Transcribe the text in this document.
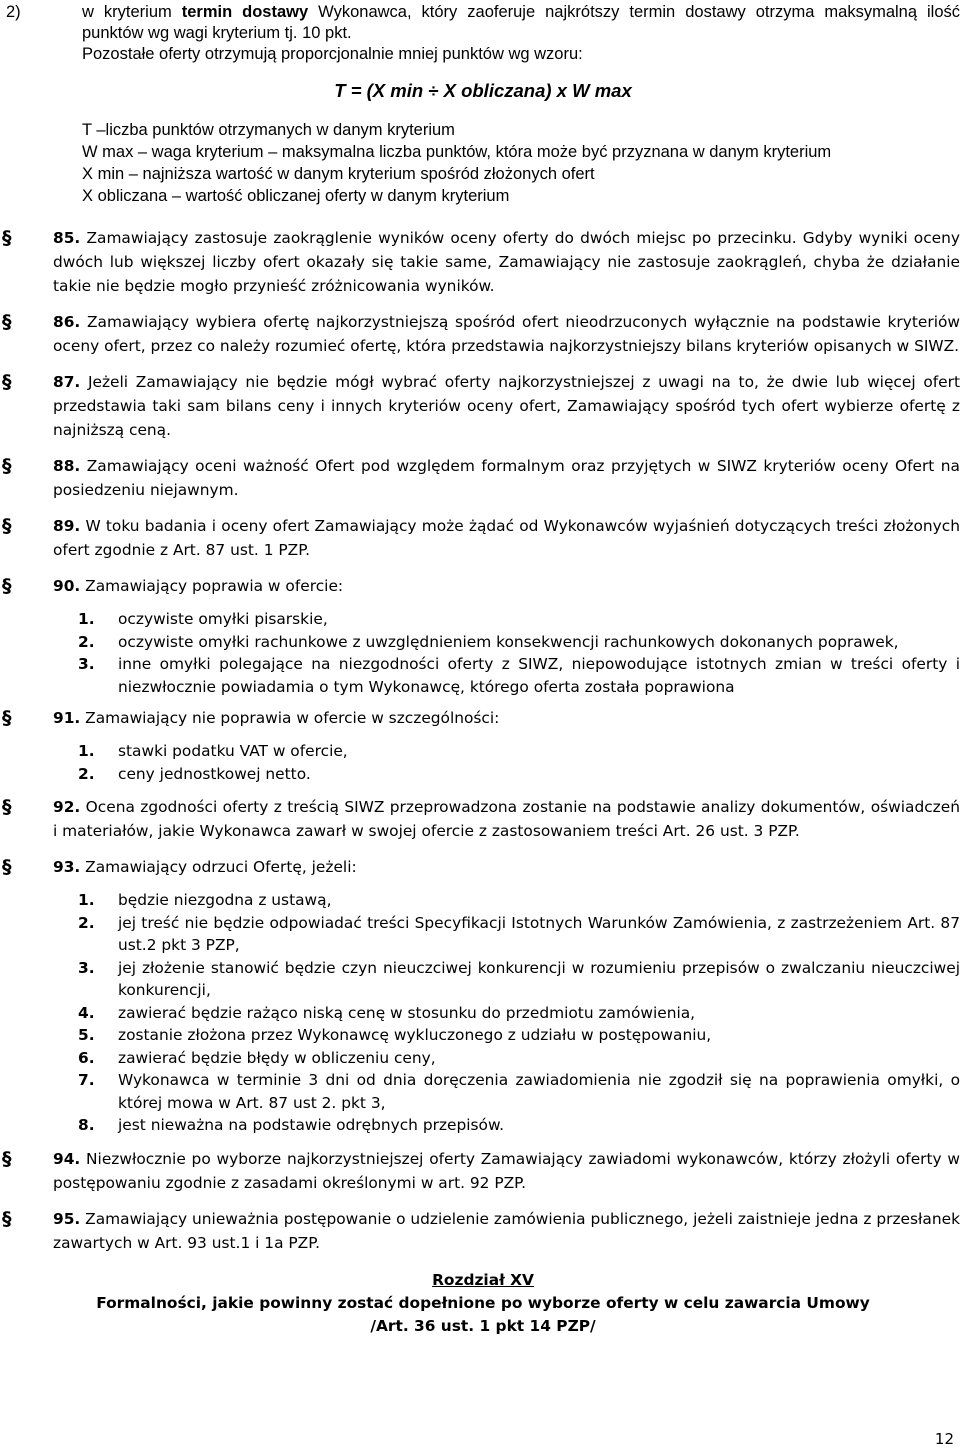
2)	w kryterium termin dostawy Wykonawca, który zaoferuje najkrótszy termin dostawy otrzyma maksymalną ilość punktów wg wagi kryterium tj. 10 pkt.

Pozostałe oferty otrzymują proporcjonalnie mniej punktów wg wzoru:

T = (X min ÷ X obliczana) x W max
T –liczba punktów otrzymanych w danym kryterium
W max – waga kryterium – maksymalna liczba punktów, która może być przyznana w danym kryterium
X min – najniższa wartość w danym kryterium spośród złożonych ofert
X obliczana – wartość obliczanej oferty w danym kryterium
§	85. Zamawiający zastosuje zaokrąglenie wyników oceny oferty do dwóch miejsc po przecinku. Gdyby wyniki oceny dwóch lub większej liczby ofert okazały się takie same, Zamawiający nie zastosuje zaokrągleń, chyba że działanie takie nie będzie mogło przynieść zróżnicowania wyników.

§	86. Zamawiający wybiera ofertę najkorzystniejszą spośród ofert nieodrzuconych wyłącznie na podstawie kryteriów oceny ofert, przez co należy rozumieć ofertę, która przedstawia najkorzystniejszy bilans kryteriów opisanych w SIWZ.

§	87. Jeżeli Zamawiający nie będzie mógł wybrać oferty najkorzystniejszej z uwagi na to, że dwie lub więcej ofert przedstawia taki sam bilans ceny i innych kryteriów oceny ofert, Zamawiający spośród tych ofert wybierze ofertę z najniższą ceną.

§	88. Zamawiający oceni ważność Ofert pod względem formalnym oraz przyjętych w SIWZ kryteriów oceny Ofert na posiedzeniu niejawnym.

§	89. W toku badania i oceny ofert Zamawiający może żądać od Wykonawców wyjaśnień dotyczących treści złożonych ofert zgodnie z Art. 87 ust. 1 PZP.

§	90. Zamawiający poprawia w ofercie:

1. oczywiste omyłki pisarskie,
2. oczywiste omyłki rachunkowe z uwzględnieniem konsekwencji rachunkowych dokonanych poprawek,
3. inne omyłki polegające na niezgodności oferty z SIWZ, niepowodujące istotnych zmian w treści oferty i niezwłocznie powiadamia o tym Wykonawcę, którego oferta została poprawiona
§	91. Zamawiający nie poprawia w ofercie w szczególności:

1. stawki podatku VAT w ofercie,
2. ceny jednostkowej netto.
§	92. Ocena zgodności oferty z treścią SIWZ przeprowadzona zostanie na podstawie analizy dokumentów, oświadczeń i materiałów, jakie Wykonawca zawarł w swojej ofercie z zastosowaniem treści Art. 26 ust. 3 PZP.

§	93. Zamawiający odrzuci Ofertę, jeżeli:

1. będzie niezgodna z ustawą,
2. jej treść nie będzie odpowiadać treści Specyfikacji Istotnych Warunków Zamówienia, z zastrzeżeniem Art. 87 ust.2 pkt 3 PZP,
3. jej złożenie stanowić będzie czyn nieuczciwej konkurencji w rozumieniu przepisów o zwalczaniu nieuczciwej konkurencji,
4. zawierać będzie rażąco niską cenę w stosunku do przedmiotu zamówienia,
5. zostanie złożona przez Wykonawcę wykluczonego z udziału w postępowaniu,
6. zawierać będzie błędy w obliczeniu ceny,
7. Wykonawca w terminie 3 dni od dnia doręczenia zawiadomienia nie zgodził się na poprawienia omyłki, o której mowa w Art. 87 ust 2. pkt 3,
8. jest nieważna na podstawie odrębnych przepisów.
§	94. Niezwłocznie po wyborze najkorzystniejszej oferty Zamawiający zawiadomi wykonawców, którzy złożyli oferty w postępowaniu zgodnie z zasadami określonymi w art. 92 PZP.

§	95. Zamawiający unieważnia postępowanie o udzielenie zamówienia publicznego, jeżeli zaistnieje jedna z przesłanek zawartych w Art. 93 ust.1 i 1a PZP.

Rozdział XV
Formalności, jakie powinny zostać dopełnione po wyborze oferty w celu zawarcia Umowy
/Art. 36 ust. 1 pkt 14 PZP/
12
